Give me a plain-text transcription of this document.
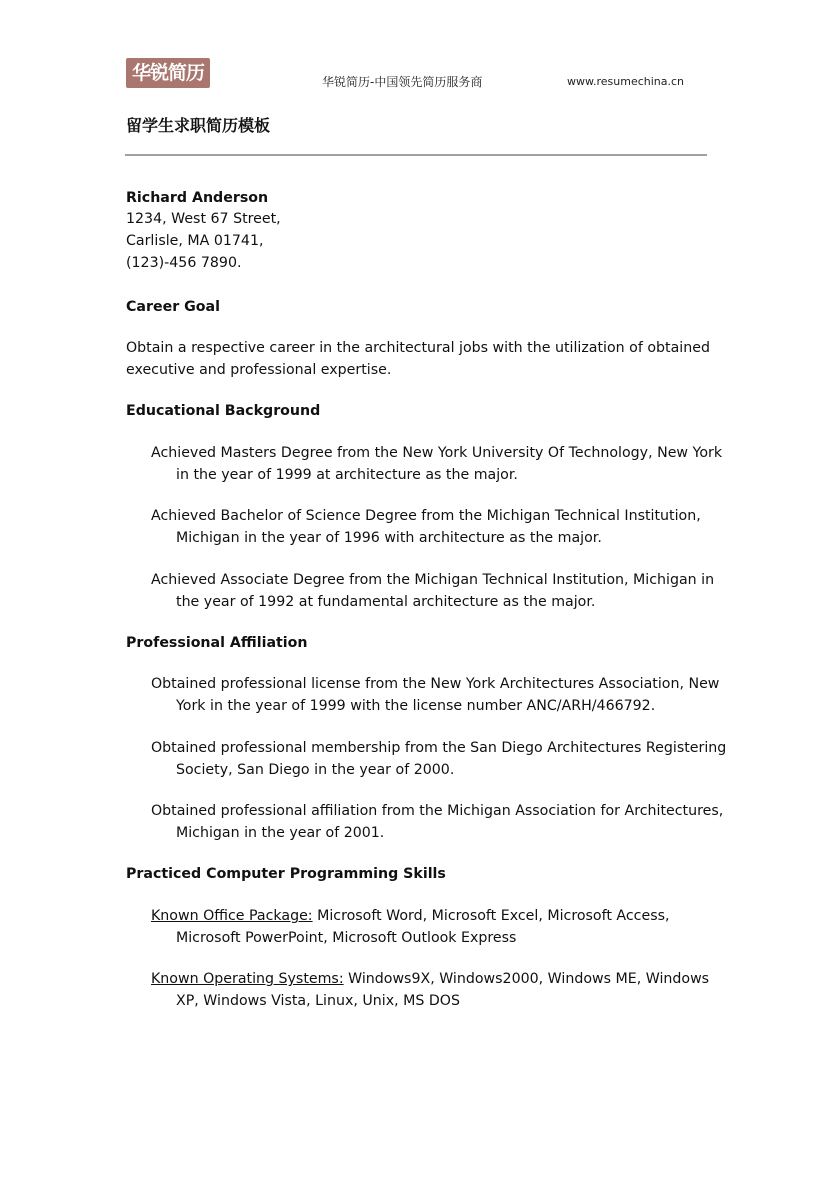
华锐简历	华锐简历-中国领先简历服务商	www.resumechina.cn
留学生求职简历模板
Richard Anderson
1234, West 67 Street,
Carlisle, MA 01741,
(123)-456 7890.
Career Goal
Obtain a respective career in the architectural jobs with the utilization of obtained executive and professional expertise.
Educational Background
Achieved Masters Degree from the New York University Of Technology, New York in the year of 1999 at architecture as the major.
Achieved Bachelor of Science Degree from the Michigan Technical Institution, Michigan in the year of 1996 with architecture as the major.
Achieved Associate Degree from the Michigan Technical Institution, Michigan in the year of 1992 at fundamental architecture as the major.
Professional Affiliation
Obtained professional license from the New York Architectures Association, New York in the year of 1999 with the license number ANC/ARH/466792.
Obtained professional membership from the San Diego Architectures Registering Society, San Diego in the year of 2000.
Obtained professional affiliation from the Michigan Association for Architectures, Michigan in the year of 2001.
Practiced Computer Programming Skills
Known Office Package: Microsoft Word, Microsoft Excel, Microsoft Access, Microsoft PowerPoint, Microsoft Outlook Express
Known Operating Systems: Windows9X, Windows2000, Windows ME, Windows XP, Windows Vista, Linux, Unix, MS DOS
